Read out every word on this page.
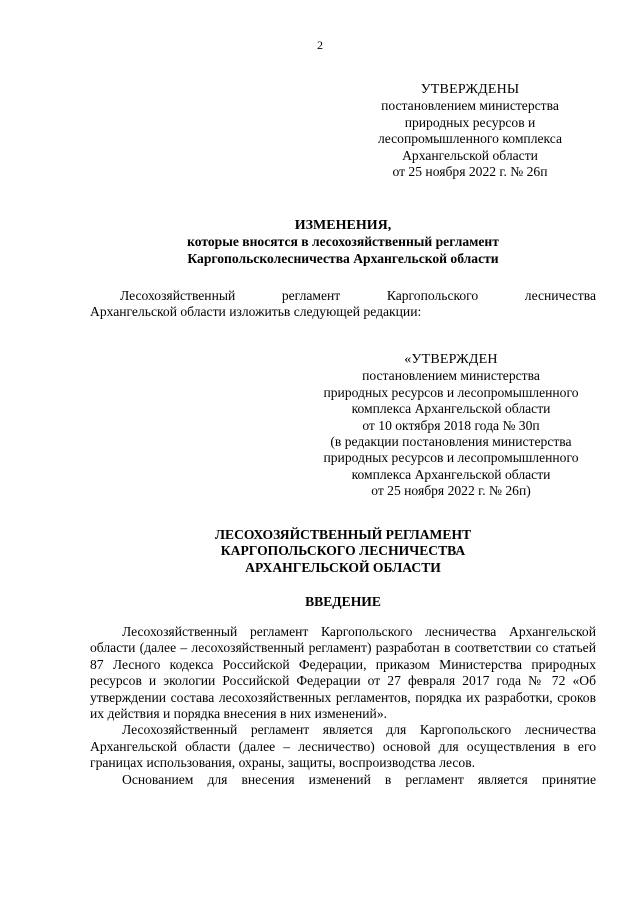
2
УТВЕРЖДЕНЫ
постановлением министерства
природных ресурсов и
лесопромышленного комплекса
Архангельской области
от 25 ноября 2022 г. № 26п
ИЗМЕНЕНИЯ,
которые вносятся в лесохозяйственный регламент
Каргопольсколесничества Архангельской области
Лесохозяйственный регламент Каргопольского лесничества
Архангельской области изложитьв следующей редакции:
«УТВЕРЖДЕН
постановлением министерства
природных ресурсов и лесопромышленного
комплекса Архангельской области
от 10 октября 2018 года № 30п
(в редакции постановления министерства
природных ресурсов и лесопромышленного
комплекса Архангельской области
от 25 ноября 2022 г. № 26п)
ЛЕСОХОЗЯЙСТВЕННЫЙ РЕГЛАМЕНТ
КАРГОПОЛЬСКОГО ЛЕСНИЧЕСТВА
АРХАНГЕЛЬСКОЙ ОБЛАСТИ
ВВЕДЕНИЕ
Лесохозяйственный регламент Каргопольского лесничества Архангельской области (далее – лесохозяйственный регламент) разработан в соответствии со статьей 87 Лесного кодекса Российской Федерации, приказом Министерства природных ресурсов и экологии Российской Федерации от 27 февраля 2017 года № 72 «Об утверждении состава лесохозяйственных регламентов, порядка их разработки, сроков их действия и порядка внесения в них изменений».
Лесохозяйственный регламент является для Каргопольского лесничества Архангельской области (далее – лесничество) основой для осуществления в его границах использования, охраны, защиты, воспроизводства лесов.
Основанием для внесения изменений в регламент является принятие
